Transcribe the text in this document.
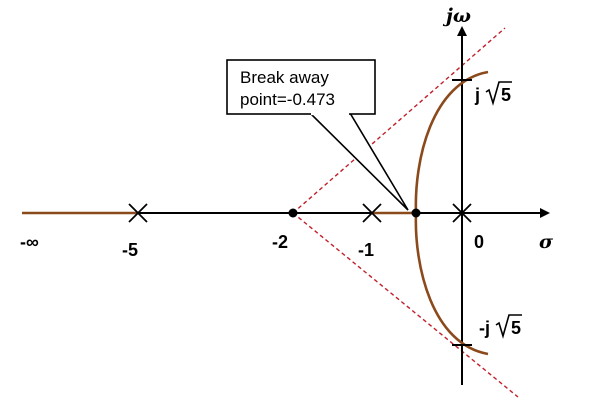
Break away
point=-0.473
jω
σ
-∞	-5	-2	-1	0
j 5
-j 5
